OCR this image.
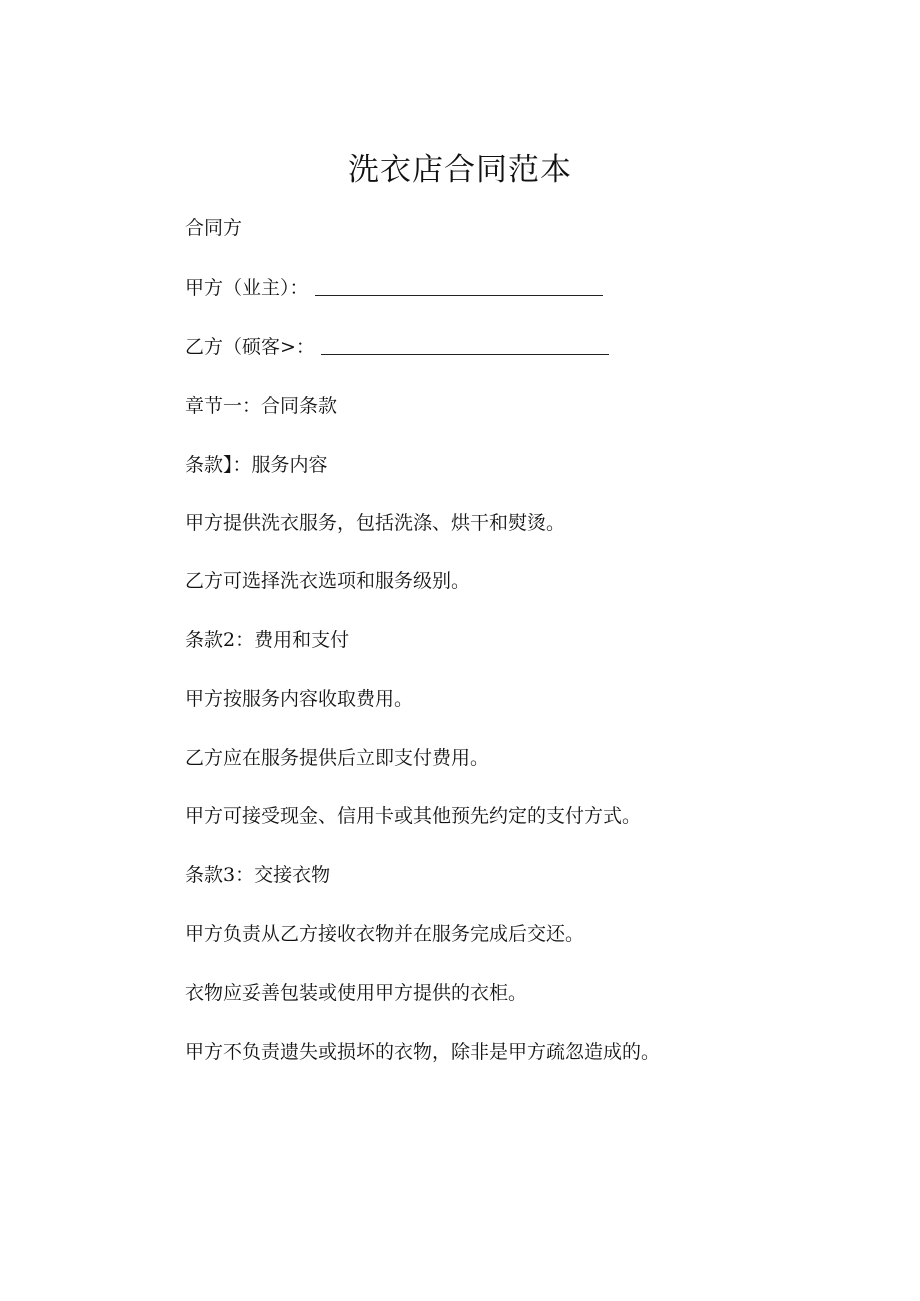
洗衣店合同范本
合同方
甲方（业主）：
乙方（硕客>：
章节一：合同条款
条款】：服务内容
甲方提供洗衣服务，包括洗涤、烘干和熨烫。
乙方可选择洗衣选项和服务级别。
条款2：费用和支付
甲方按服务内容收取费用。
乙方应在服务提供后立即支付费用。
甲方可接受现金、信用卡或其他预先约定的支付方式。
条款3：交接衣物
甲方负责从乙方接收衣物并在服务完成后交还。
衣物应妥善包装或使用甲方提供的衣柜。
甲方不负责遗失或损坏的衣物，除非是甲方疏忽造成的。
